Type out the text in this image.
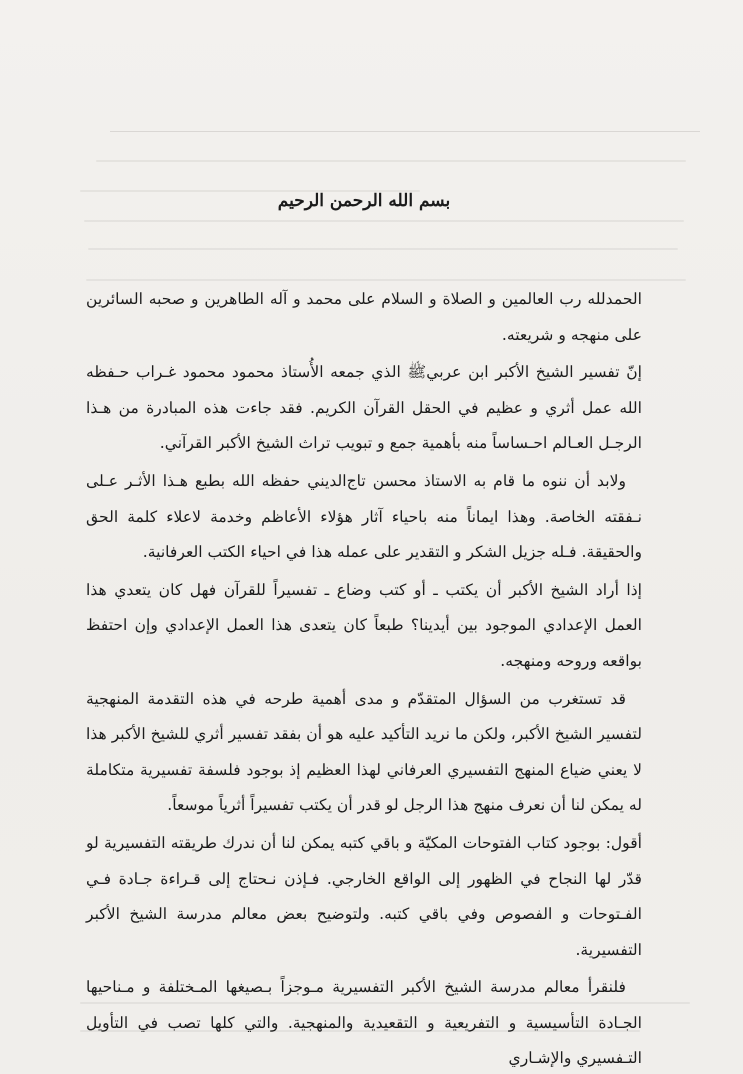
بسم الله الرحمن الرحيم

الحمدلله رب العالمين و الصلاة و السلام على محمد و آله الطاهرين و صحبه السائرين على منهجه و شريعته.

إنّ تفسير الشيخ الأكبر ابن عربيﷺ الذي جمعه الأُستاذ محمود محمود غـراب حـفظه الله عمل أثري و عظيم في الحقل القرآن الكريم. فقد جاءت هذه المبادرة من هـذا الرجـل العـالم احـساساً منه بأهمية جمع و تبويب تراث الشيخ الأكبر القرآني.

ولابد أن ننوه ما قام به الاستاذ محسن تاج‌الديني حفظه الله بطبع هـذا الأثـر عـلى نـفقته الخاصة. وهذا ايماناً منه باحياء آثار هؤلاء الأعاظم وخدمة لاعلاء كلمة الحق والحقيقة. فـله جزيل الشكر و التقدير على عمله هذا في احياء الكتب العرفانية.

إذا أراد الشيخ الأكبر أن يكتب ـ أو كتب وضاع ـ تفسيراً للقرآن فهل كان يتعدي هذا العمل الإعدادي الموجود بين أيدينا؟ طبعاً كان يتعدى هذا العمل الإعدادي وإن احتفظ بواقعه وروحه ومنهجه.

قد تستغرب من السؤال المتقدّم و مدى أهمية طرحه في هذه التقدمة المنهجية لتفسير الشيخ الأكبر، ولكن ما نريد التأكيد عليه هو أن بفقد تفسير أثري للشيخ الأكبر هذا لا يعني ضياع المنهج التفسيري العرفاني لهذا العظيم إذ بوجود فلسفة تفسيرية متكاملة له يمكن لنا أن نعرف منهج هذا الرجل لو قدر أن يكتب تفسيراً أثرياً موسعاً.

أقول: بوجود كتاب الفتوحات المكيّة و باقي كتبه يمكن لنا أن ندرك طريقته التفسيرية لو قدّر لها النجاح في الظهور إلى الواقع الخارجي. فـإذن نـحتاج إلى قـراءة جـادة فـي الفـتوحات و الفصوص وفي باقي كتبه. ولتوضيح بعض معالم مدرسة الشيخ الأكبر التفسيرية.

فلنقرأ معالم مدرسة الشيخ الأكبر التفسيرية مـوجزاً بـصيغها المـختلفة و مـناحيها الجـادة التأسيسية و التفريعية و التقعيدية والمنهجية. والتي كلها تصب في التأويل التـفسيري والإشـاري
